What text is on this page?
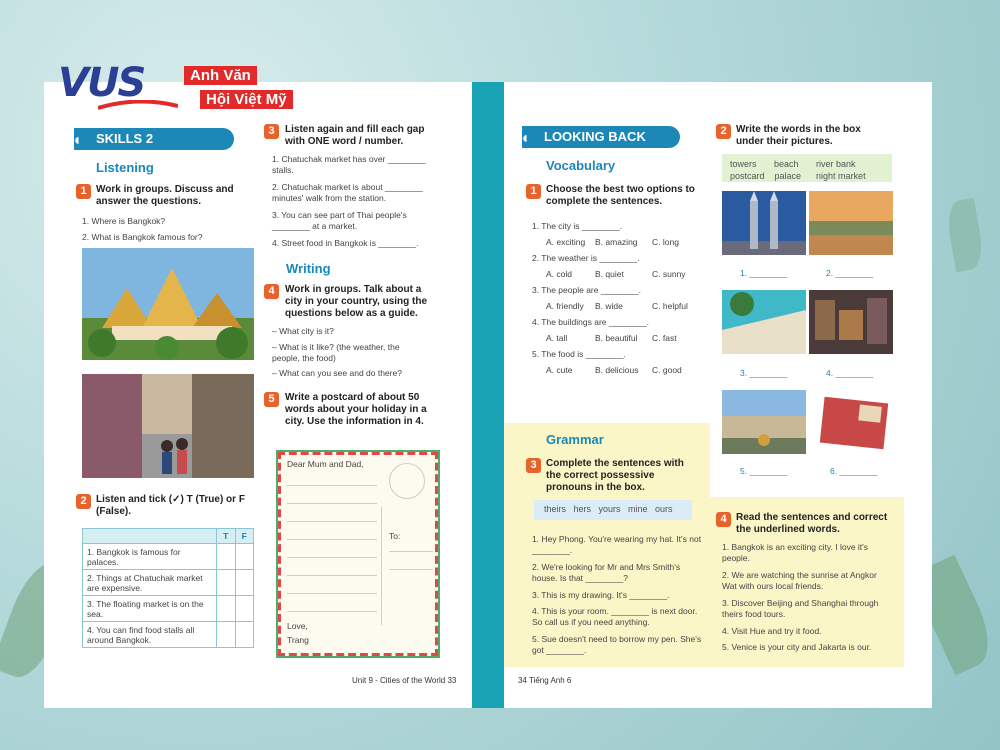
◖ SKILLS 2
Listening
1 Work in groups. Discuss and answer the questions.
1. Where is Bangkok?
2. What is Bangkok famous for?
2 Listen and tick (✓) T (True) or F (False).
	T	F
1. Bangkok is famous for palaces.		
2. Things at Chatuchak market are expensive.		
3. The floating market is on the sea.		
4. You can find food stalls all around Bangkok.		
3	Listen again and fill each gap with ONE word / number.
1. Chatuchak market has over ________ stalls.
2. Chatuchak market is about ________ minutes' walk from the station.
3. You can see part of Thai people's ________ at a market.
4. Street food in Bangkok is ________.
Writing
4	Work in groups. Talk about a city in your country, using the questions below as a guide.
– What city is it?
– What is it like? (the weather, the people, the food)
– What can you see and do there?
5	Write a postcard of about 50 words about your holiday in a city. Use the information in 4.
Dear Mum and Dad,
To:
Love,
Trang
Unit 9 - Cities of the World 33
VUS	Anh Văn
Hội Việt Mỹ
◖ LOOKING BACK
Vocabulary
1 Choose the best two options to complete the sentences.
1. The city is ________.
A. exciting B. amazing C. long
2. The weather is ________.
A. cold	B. quiet	C. sunny
3. The people are ________.
A. friendly B. wide	C. helpful
4. The buildings are ________.
A. tall	B. beautiful C. fast
5. The food is ________.
A. cute	B. delicious C. good
2 Write the words in the box under their pictures.
towers       beach       river bank
postcard    palace      night market
1. ________	2. ________
3. ________	4. ________
5. ________	6. ________
Grammar
3 Complete the sentences with the correct possessive pronouns in the box.
theirs   hers   yours   mine   ours
1. Hey Phong. You're wearing my hat. It's not ________.
2. We're looking for Mr and Mrs Smith's house. Is that ________?
3. This is my drawing. It's ________.
4. This is your room. ________ is next door. So call us if you need anything.
5. Sue doesn't need to borrow my pen. She's got ________.
4 Read the sentences and correct the underlined words.
1. Bangkok is an exciting city. I love it's people.
2. We are watching the sunrise at Angkor Wat with ours local friends.
3. Discover Beijing and Shanghai through theirs food tours.
4. Visit Hue and try it food.
5. Venice is your city and Jakarta is our.
34 Tiếng Anh 6
